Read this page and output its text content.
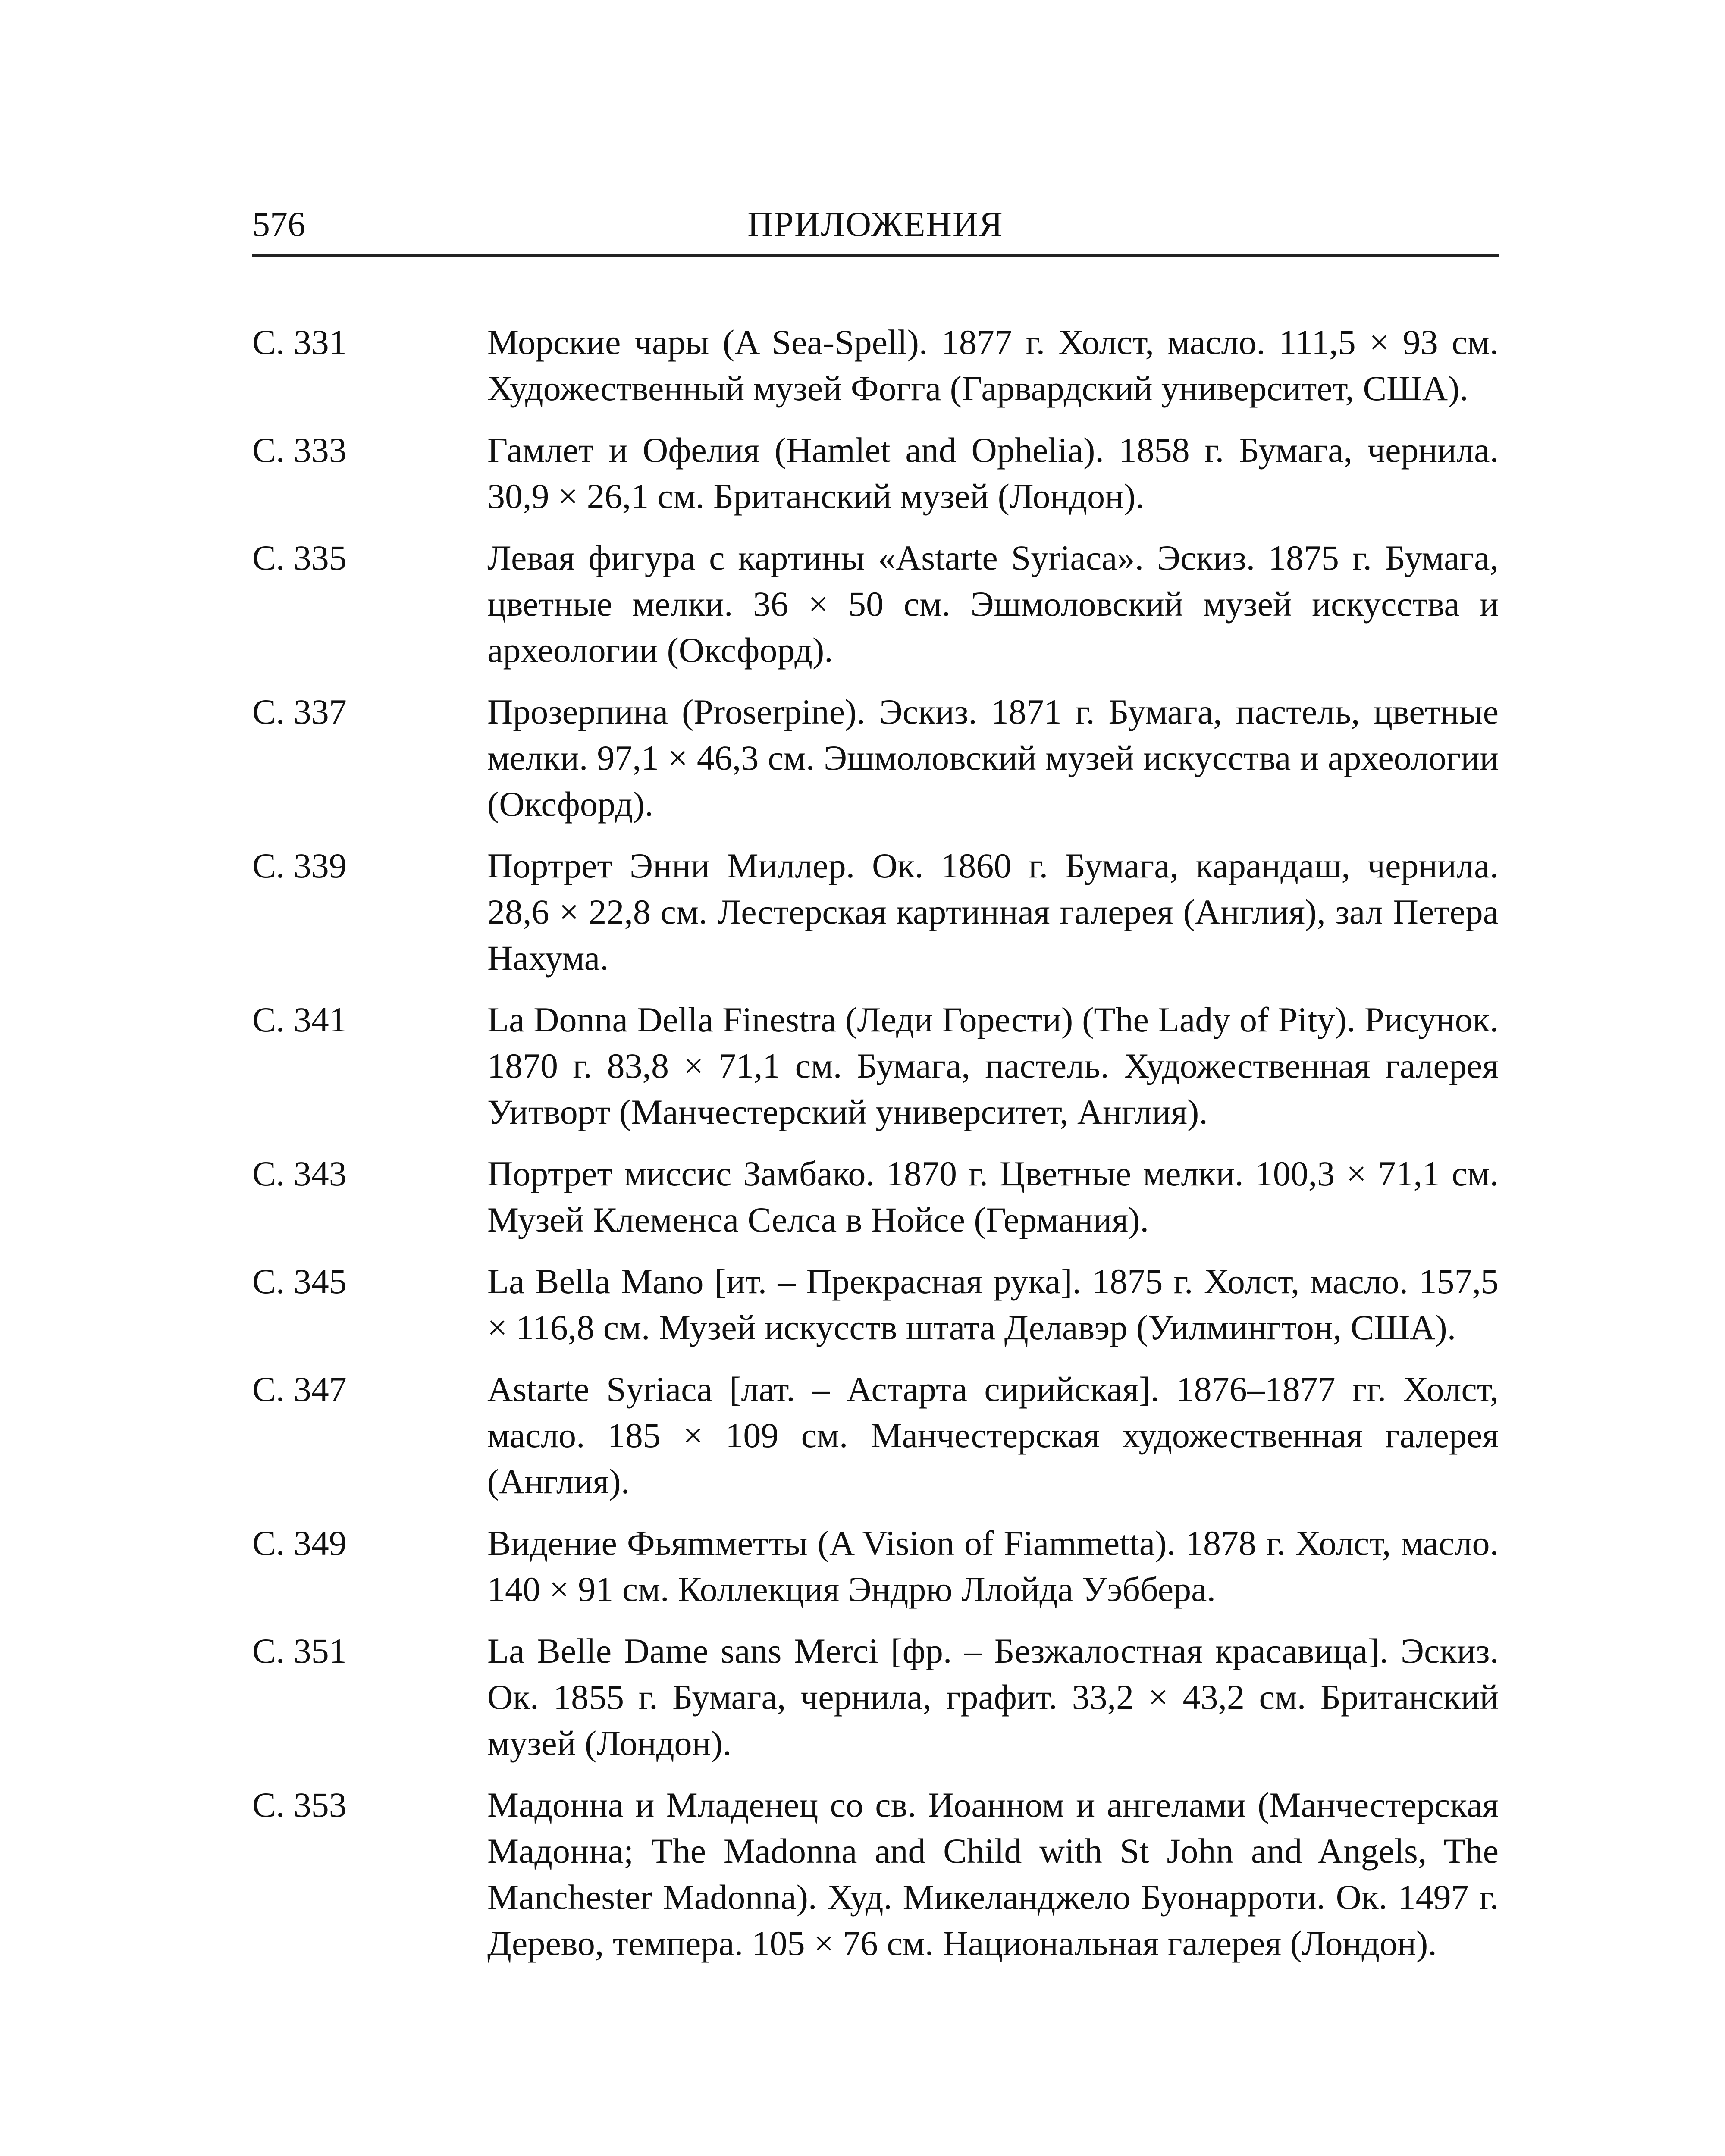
576	ПРИЛОЖЕНИЯ
С. 331	Морские чары (A Sea-Spell). 1877 г. Холст, масло. 111,5 × 93 см. Художественный музей Фогга (Гарвардский университет, США).
С. 333	Гамлет и Офелия (Hamlet and Ophelia). 1858 г. Бумага, чернила. 30,9 × 26,1 см. Британский музей (Лондон).
С. 335	Левая фигура с картины «Astarte Syriaca». Эскиз. 1875 г. Бумага, цветные мелки. 36 × 50 см. Эшмоловский музей искусства и археологии (Оксфорд).
С. 337	Прозерпина (Proserpine). Эскиз. 1871 г. Бумага, пастель, цветные мелки. 97,1 × 46,3 см. Эшмоловский музей искусства и археологии (Оксфорд).
С. 339	Портрет Энни Миллер. Ок. 1860 г. Бумага, карандаш, чернила. 28,6 × 22,8 см. Лестерская картинная галерея (Англия), зал Петера Нахума.
С. 341	La Donna Della Finestra (Леди Горести) (The Lady of Pity). Рисунок. 1870 г. 83,8 × 71,1 см. Бумага, пастель. Художественная галерея Уитворт (Манчестерский университет, Англия).
С. 343	Портрет миссис Замбако. 1870 г. Цветные мелки. 100,3 × 71,1 см. Музей Клеменса Селса в Нойсе (Германия).
С. 345	La Bella Mano [ит. – Прекрасная рука]. 1875 г. Холст, масло. 157,5 × 116,8 см. Музей искусств штата Делавэр (Уилмингтон, США).
С. 347	Astarte Syriaca [лат. – Астарта сирийская]. 1876–1877 гг. Холст, масло. 185 × 109 см. Манчестерская художественная галерея (Англия).
С. 349	Видение Фьяmметты (A Vision of Fiammetta). 1878 г. Холст, масло. 140 × 91 см. Коллекция Эндрю Ллойда Уэббера.
С. 351	La Belle Dame sans Merci [фр. – Безжалостная красавица]. Эскиз. Ок. 1855 г. Бумага, чернила, графит. 33,2 × 43,2 см. Британский музей (Лондон).
С. 353	Мадонна и Младенец со св. Иоанном и ангелами (Манчестерская Мадонна; The Madonna and Child with St John and Angels, The Manchester Madonna). Худ. Микеланджело Буонарроти. Ок. 1497 г. Дерево, темпера. 105 × 76 см. Национальная галерея (Лондон).
